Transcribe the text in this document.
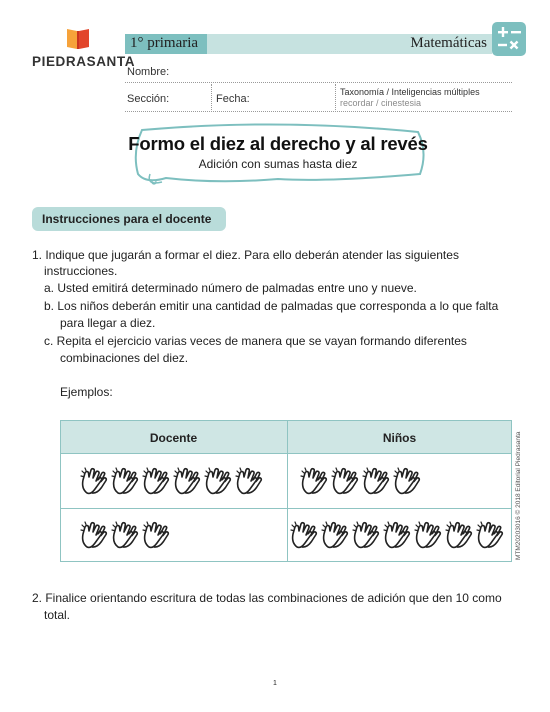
PIEDRASANTA
1° primaria	Matemáticas
Nombre:
Sección:	Fecha:
Taxonomía / Inteligencias múltiples
recordar / cinestesia
Formo el diez al derecho y al revés
Adición con sumas hasta diez
Instrucciones para el docente
1. Indique que jugarán a formar el diez. Para ello deberán atender las siguientes
instrucciones.
a. Usted emitirá determinado número de palmadas entre uno y nueve.
b. Los niños deberán emitir una cantidad de palmadas que corresponda a lo que falta
para llegar a diez.
c. Repita el ejercicio varias veces de manera que se vayan formando diferentes
combinaciones del diez.
Ejemplos:
Docente	Niños
2. Finalice orientando escritura de todas las combinaciones de adición que den 10 como
total.
MTM20203016 © 2018 Editorial Piedrasanta
1
